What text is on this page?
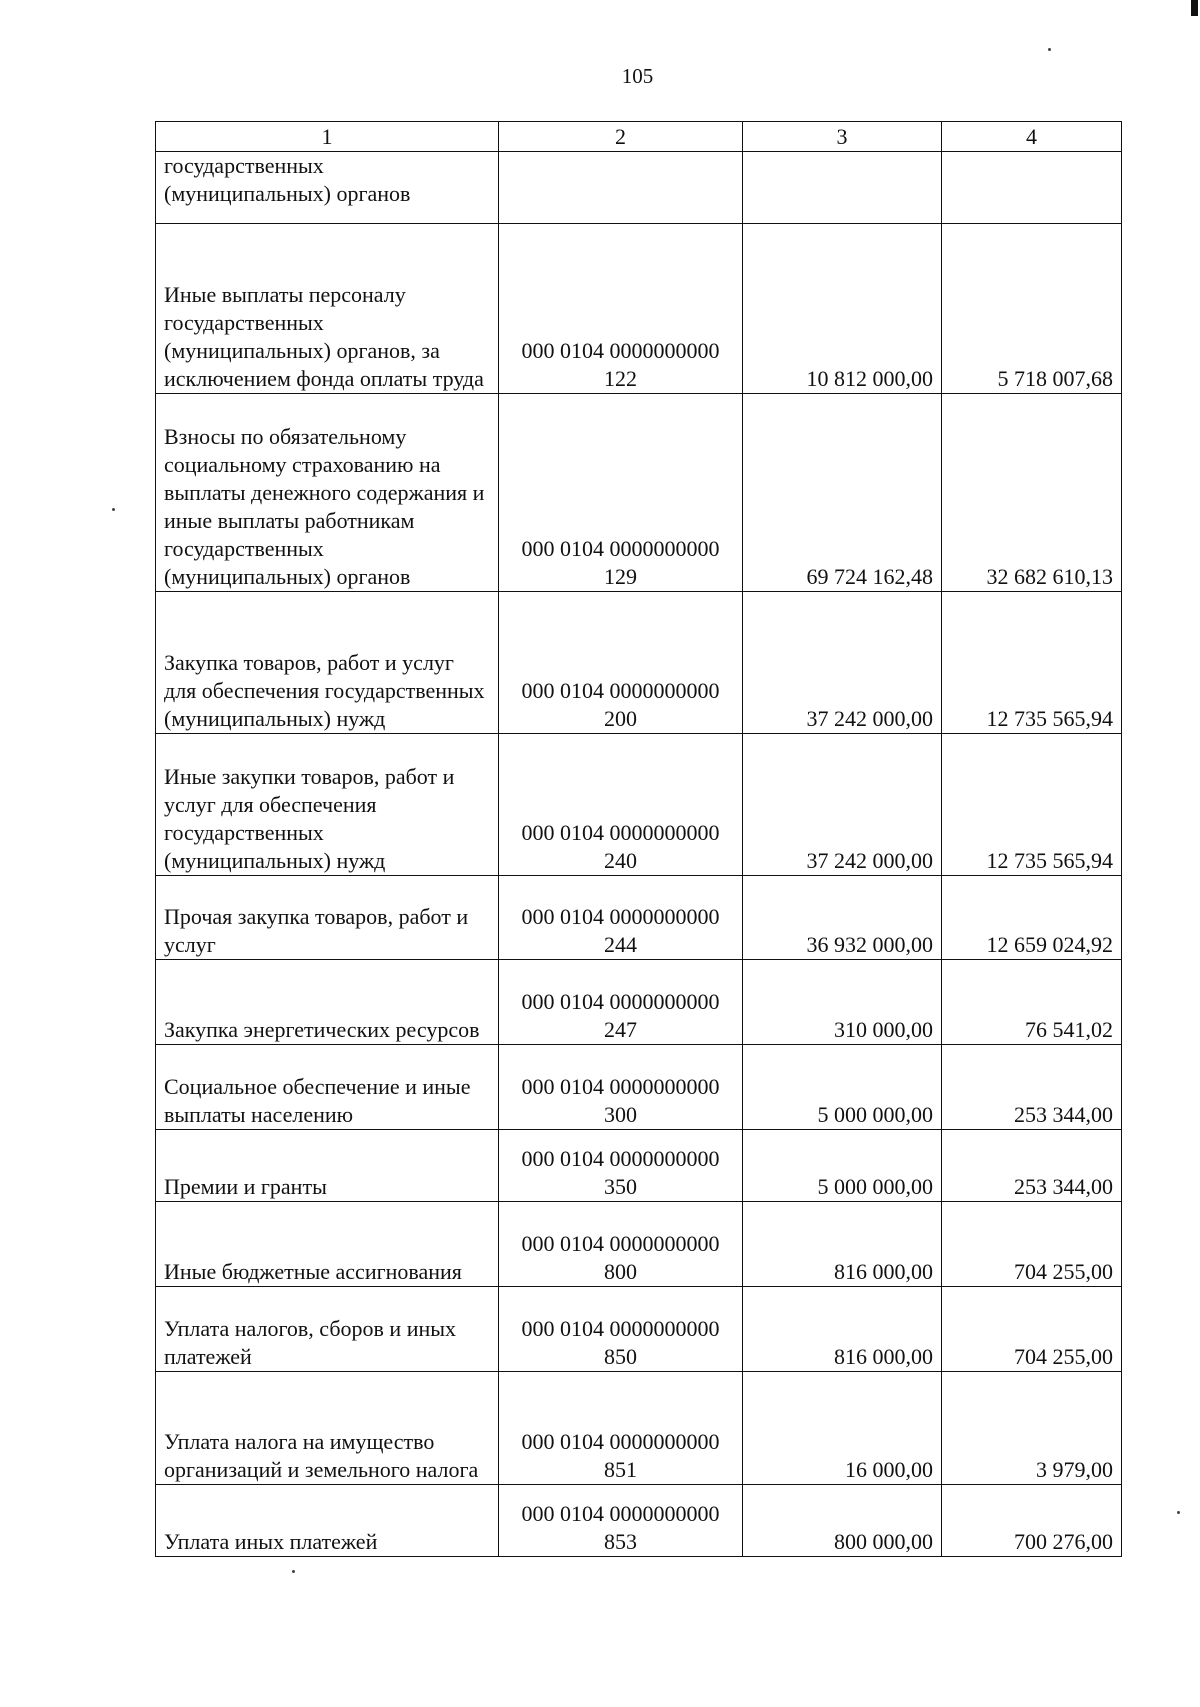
105
1	2	3	4
государственных (муниципальных) органов			
Иные выплаты персоналу государственных (муниципальных) органов, за исключением фонда оплаты труда	000 0104 0000000000 122	10 812 000,00	5 718 007,68
Взносы по обязательному социальному страхованию на выплаты денежного содержания и иные выплаты работникам государственных (муниципальных) органов	000 0104 0000000000 129	69 724 162,48	32 682 610,13
Закупка товаров, работ и услуг для обеспечения государственных (муниципальных) нужд	000 0104 0000000000 200	37 242 000,00	12 735 565,94
Иные закупки товаров, работ и услуг для обеспечения государственных (муниципальных) нужд	000 0104 0000000000 240	37 242 000,00	12 735 565,94
Прочая закупка товаров, работ и услуг	000 0104 0000000000 244	36 932 000,00	12 659 024,92
Закупка энергетических ресурсов	000 0104 0000000000 247	310 000,00	76 541,02
Социальное обеспечение и иные выплаты населению	000 0104 0000000000 300	5 000 000,00	253 344,00
Премии и гранты	000 0104 0000000000 350	5 000 000,00	253 344,00
Иные бюджетные ассигнования	000 0104 0000000000 800	816 000,00	704 255,00
Уплата налогов, сборов и иных платежей	000 0104 0000000000 850	816 000,00	704 255,00
Уплата налога на имущество организаций и земельного налога	000 0104 0000000000 851	16 000,00	3 979,00
Уплата иных платежей	000 0104 0000000000 853	800 000,00	700 276,00
